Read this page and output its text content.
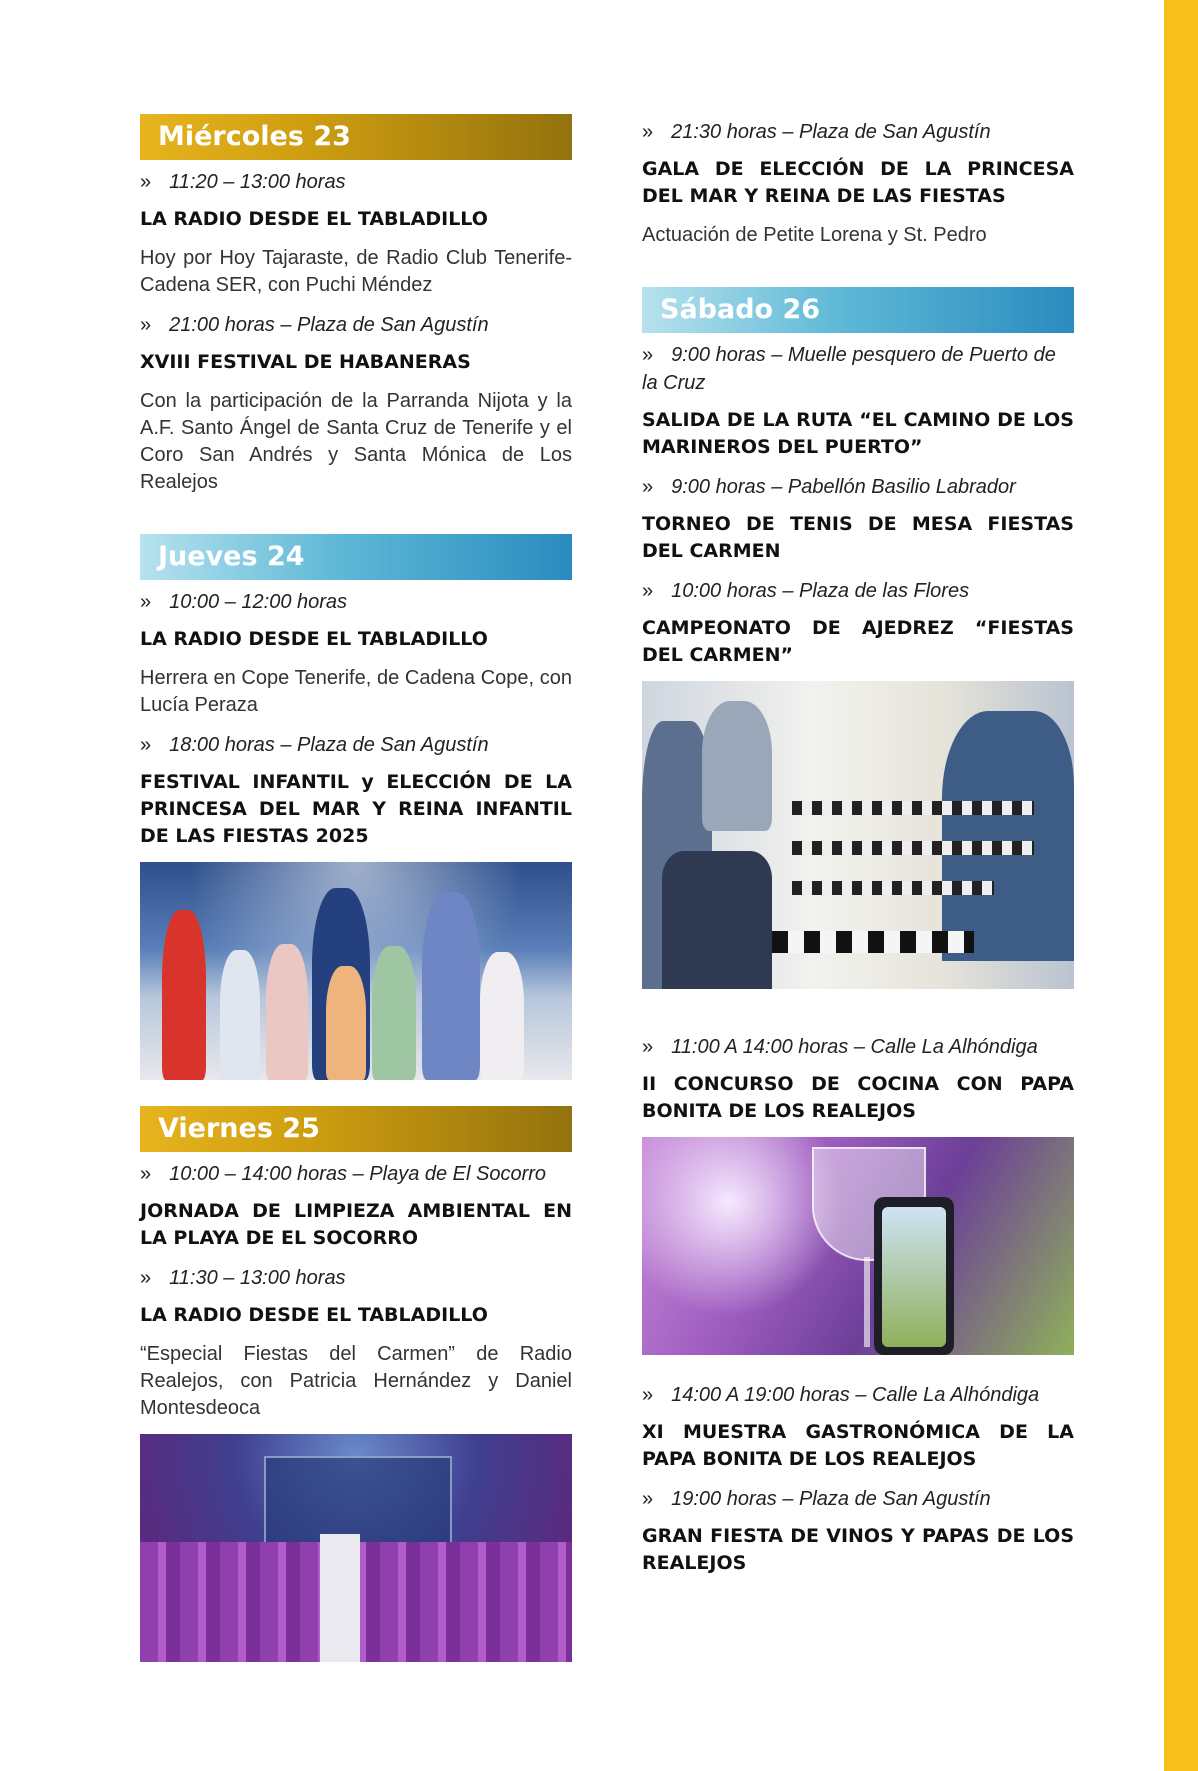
Miércoles 23
» 11:20 – 13:00 horas
LA RADIO DESDE EL TABLADILLO
Hoy por Hoy Tajaraste, de Radio Club Tenerife-Cadena SER, con Puchi Méndez
» 21:00 horas – Plaza de San Agustín
XVIII FESTIVAL DE HABANERAS
Con la participación de la Parranda Nijota y la A.F. Santo Ángel de Santa Cruz de Tenerife y el Coro San Andrés y Santa Mónica de Los Realejos
Jueves 24
» 10:00 – 12:00 horas
LA RADIO DESDE EL TABLADILLO
Herrera en Cope Tenerife, de Cadena Cope, con Lucía Peraza
» 18:00 horas – Plaza de San Agustín
FESTIVAL INFANTIL y ELECCIÓN DE LA PRINCESA DEL MAR Y REINA INFANTIL DE LAS FIESTAS 2025
Viernes 25
» 10:00 – 14:00 horas – Playa de El Socorro
JORNADA DE LIMPIEZA AMBIENTAL EN LA PLAYA DE EL SOCORRO
» 11:30 – 13:00 horas
LA RADIO DESDE EL TABLADILLO
“Especial Fiestas del Carmen” de Radio Realejos, con Patricia Hernández y Daniel Montesdeoca
» 21:30 horas – Plaza de San Agustín
GALA DE ELECCIÓN DE LA PRINCESA DEL MAR Y REINA DE LAS FIESTAS
Actuación de Petite Lorena y St. Pedro
Sábado 26
» 9:00 horas – Muelle pesquero de Puerto de la Cruz
SALIDA DE LA RUTA “EL CAMINO DE LOS MARINEROS DEL PUERTO”
» 9:00 horas – Pabellón Basilio Labrador
TORNEO DE TENIS DE MESA FIESTAS DEL CARMEN
» 10:00 horas – Plaza de las Flores
CAMPEONATO DE AJEDREZ “FIESTAS DEL CARMEN”
» 11:00 A 14:00 horas – Calle La Alhóndiga
II CONCURSO DE COCINA CON PAPA BONITA DE LOS REALEJOS
» 14:00 A 19:00 horas – Calle La Alhóndiga
XI MUESTRA GASTRONÓMICA DE LA PAPA BONITA DE LOS REALEJOS
» 19:00 horas – Plaza de San Agustín
GRAN FIESTA DE VINOS Y PAPAS DE LOS REALEJOS
